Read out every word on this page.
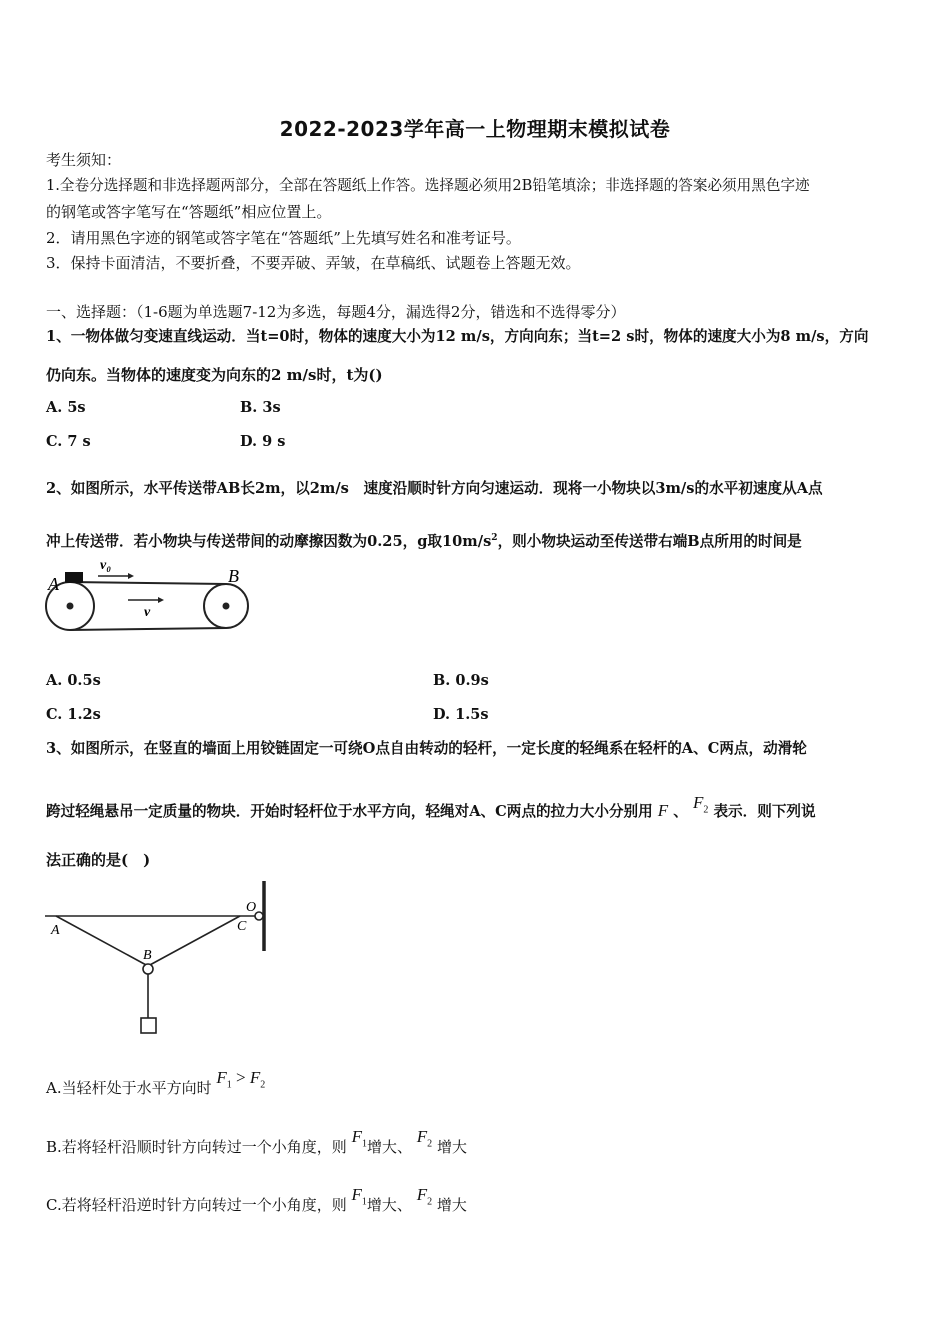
2022-2023学年高一上物理期末模拟试卷
考生须知：
1.全卷分选择题和非选择题两部分，全部在答题纸上作答。选择题必须用2B铅笔填涂；非选择题的答案必须用黑色字迹
的钢笔或答字笔写在“答题纸”相应位置上。
2．请用黑色字迹的钢笔或答字笔在“答题纸”上先填写姓名和准考证号。
3．保持卡面清洁，不要折叠，不要弄破、弄皱，在草稿纸、试题卷上答题无效。
一、选择题：（1-6题为单选题7-12为多选，每题4分，漏选得2分，错选和不选得零分）
1、一物体做匀变速直线运动．当t=0时，物体的速度大小为12 m/s，方向向东；当t=2 s时，物体的速度大小为8 m/s，方向
仍向东。当物体的速度变为向东的2 m/s时，t为()
A. 5s	B. 3s
C. 7 s	D. 9 s
2、如图所示，水平传送带AB长2m，以2m/s　速度沿顺时针方向匀速运动．现将一小物块以3m/s的水平初速度从A点
冲上传送带．若小物块与传送带间的动摩擦因数为0.25，g取$10m/s^2$，则小物块运动至传送带右端B点所用的时间是
A	B
v₀
v
A. 0.5s	B. 0.9s
C. 1.2s	D. 1.5s
3、如图所示，在竖直的墙面上用铰链固定一可绕O点自由转动的轻杆，一定长度的轻绳系在轻杆的A、C两点，动滑轮
跨过轻绳悬吊一定质量的物块．开始时轻杆位于水平方向，轻绳对A、C两点的拉力大小分别用 F 、 $F_2$ 表示．则下列说
法正确的是(　)
O
A
B
C
A.当轻杆处于水平方向时 $F_1 > F_2$
B.若将轻杆沿顺时针方向转过一个小角度，则 $F_1$增大、 $F_2$ 增大
C.若将轻杆沿逆时针方向转过一个小角度，则 $F_1$增大、 $F_2$ 增大
